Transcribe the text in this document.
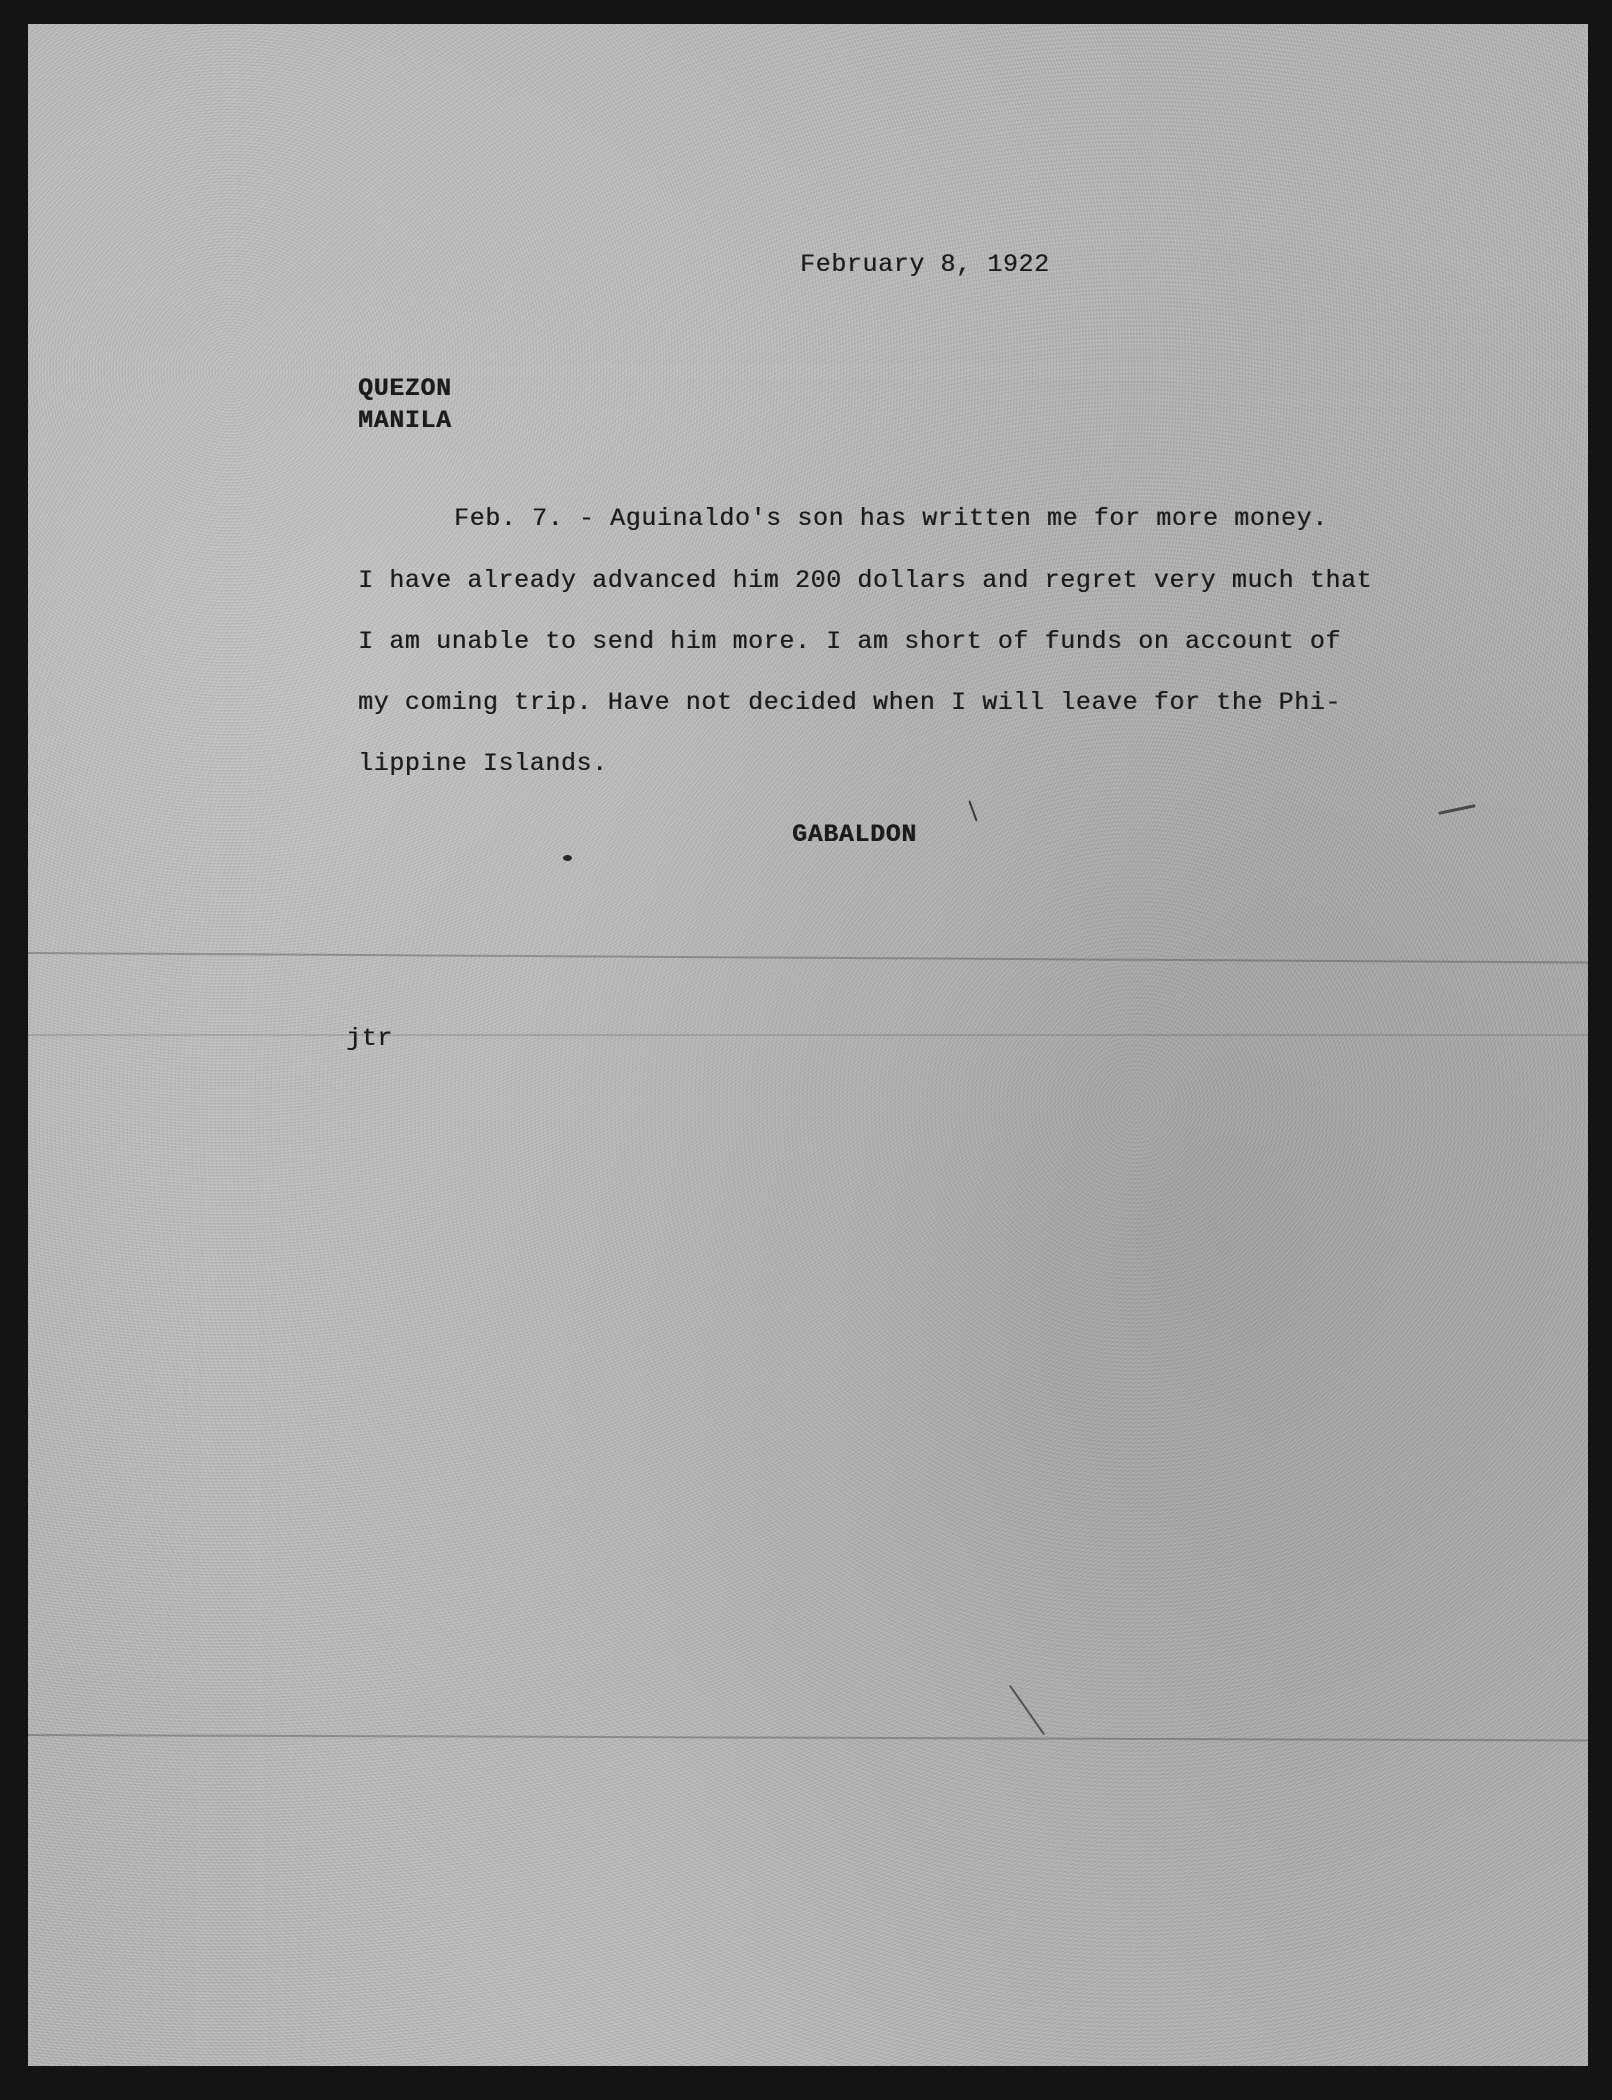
February 8, 1922
QUEZON
MANILA
Feb. 7. - Aguinaldo's son has written me for more money.
I have already advanced him 200 dollars and regret very much that
I am unable to send him more. I am short of funds on account of
my coming trip. Have not decided when I will leave for the Phi-
lippine Islands.
GABALDON
jtr
